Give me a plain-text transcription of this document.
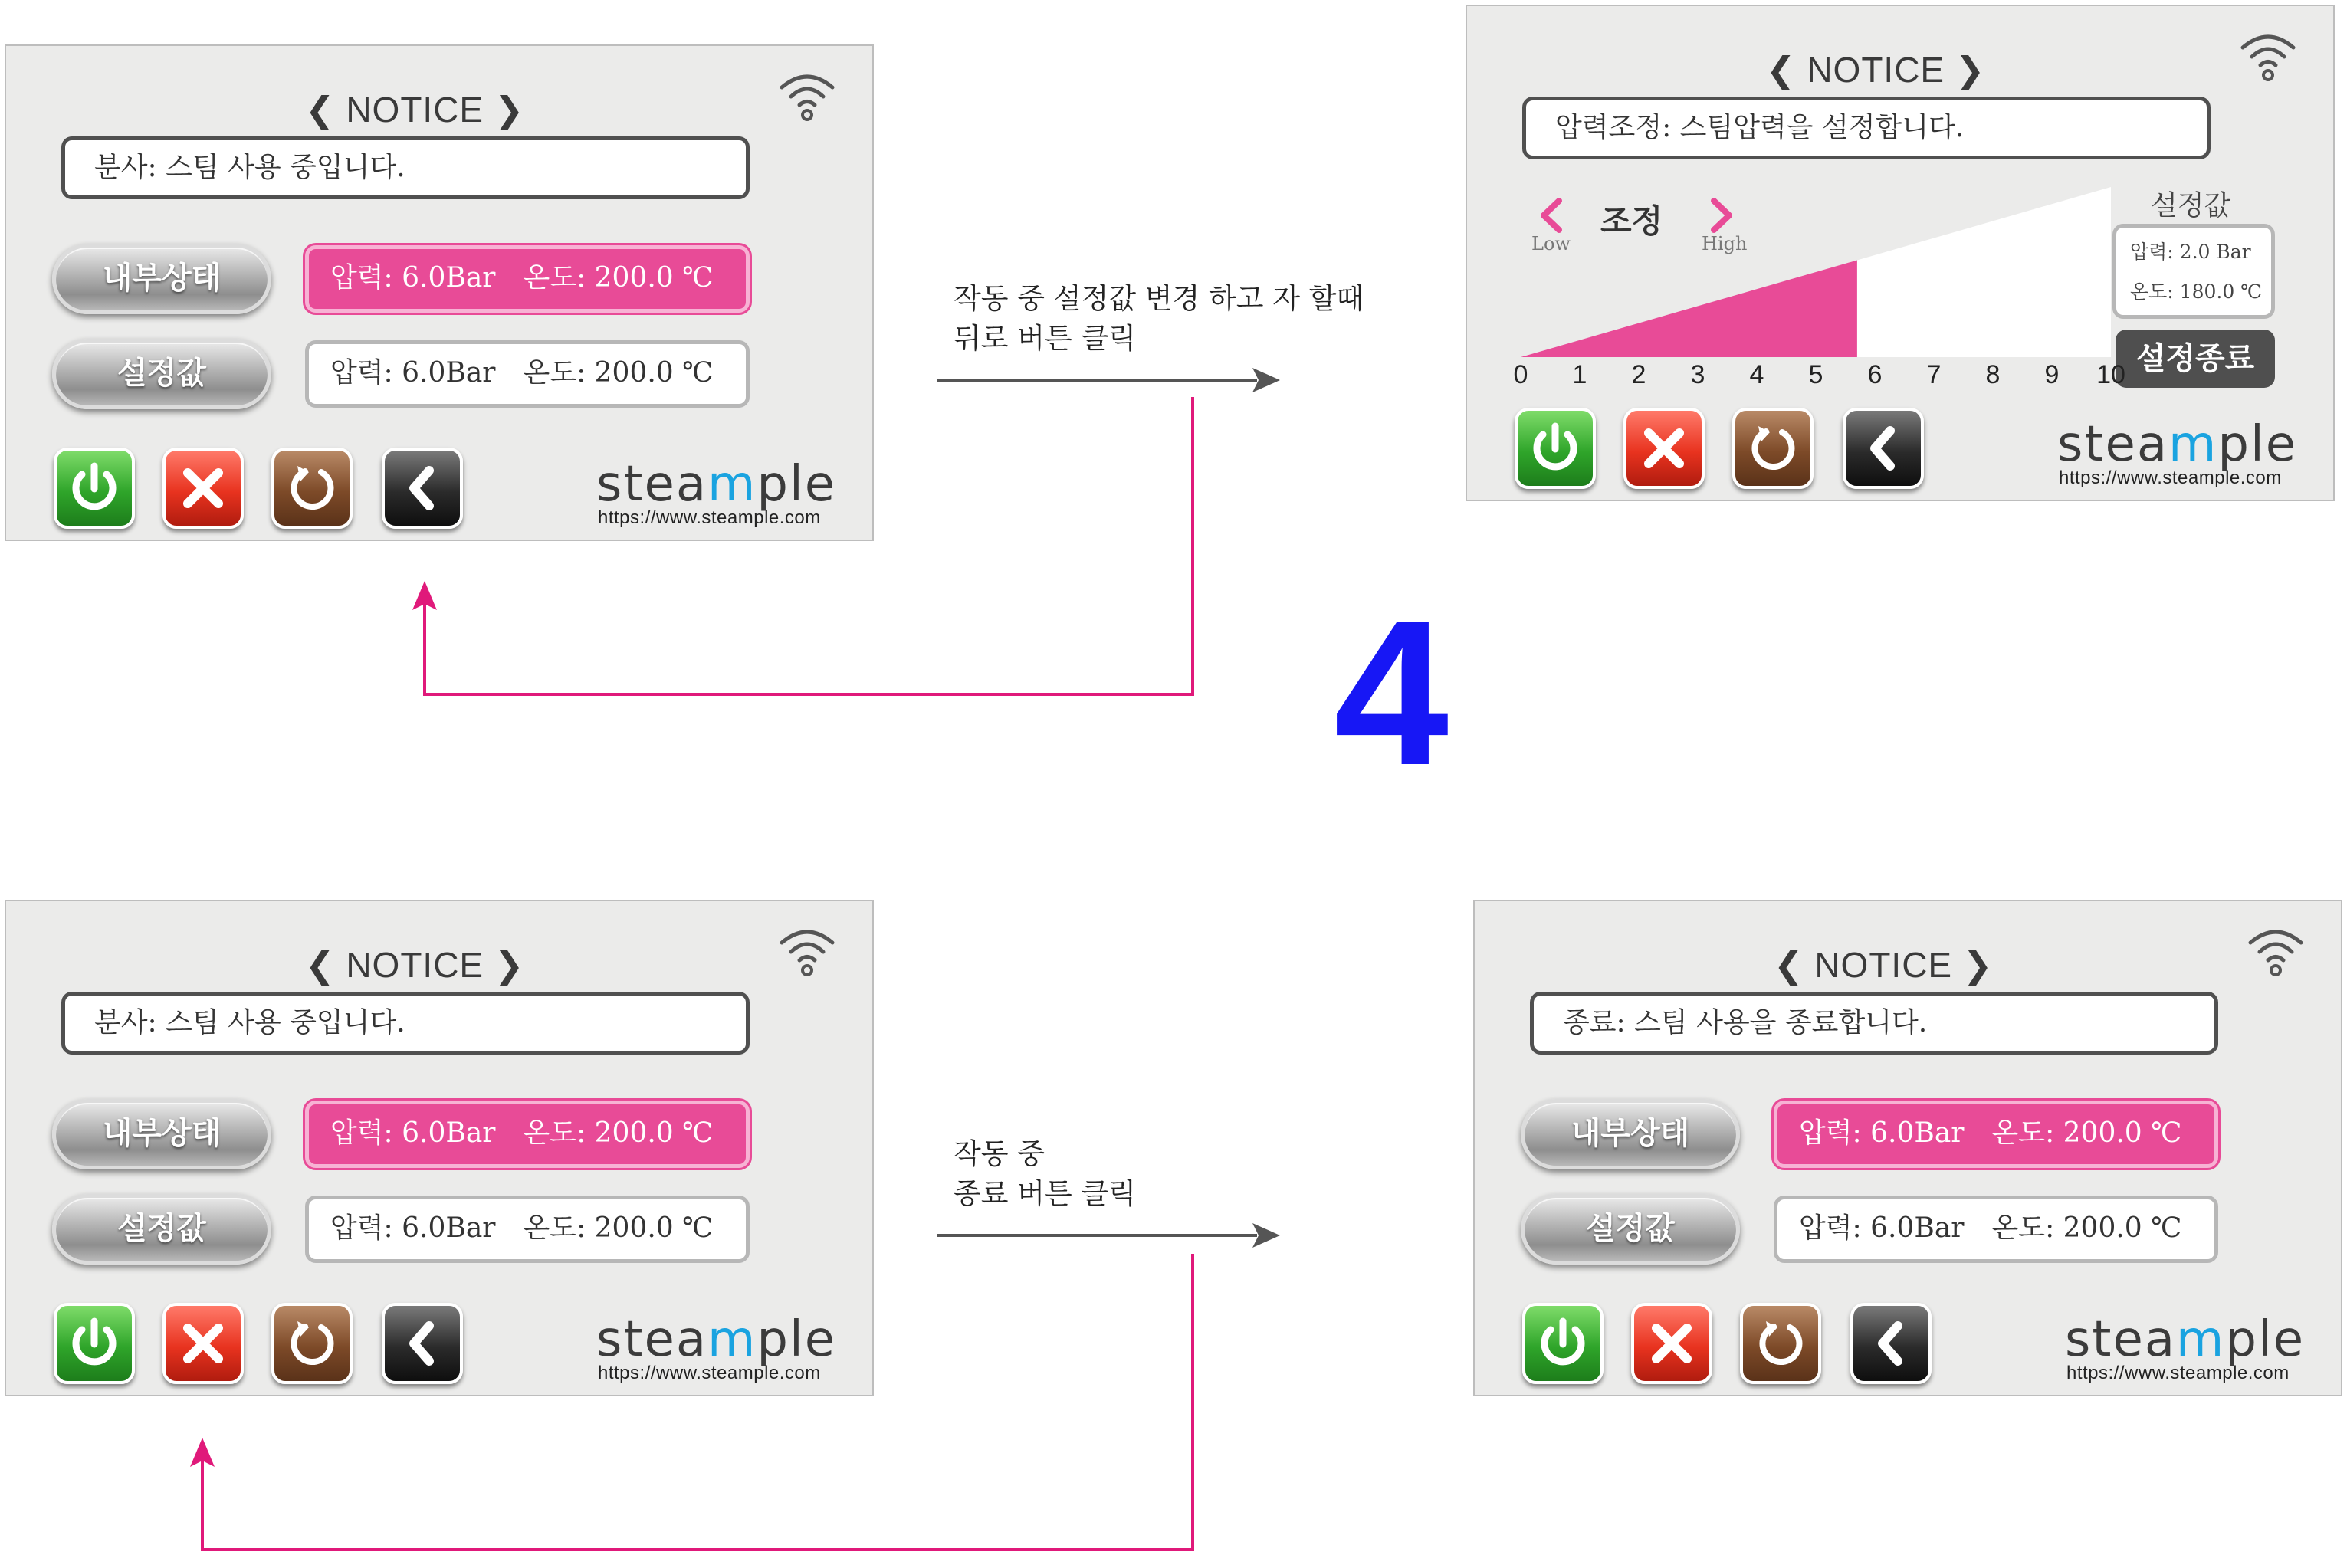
❮ NOTICE ❯
분사: 스팀 사용 중입니다.
내부상태	압력: 6.0Bar 온도: 200.0 ℃
설정값	압력: 6.0Bar 온도: 200.0 ℃
steample
https://www.steample.com
❮ NOTICE ❯
압력조정: 스팀압력을 설정합니다.
Low
조정
High
설정값
압력: 2.0 Bar
온도: 180.0 ℃
설정종료
steample
https://www.steample.com
0	1	2	3	4	5	6	7	8	9	10
❮ NOTICE ❯
분사: 스팀 사용 중입니다.
내부상태	압력: 6.0Bar 온도: 200.0 ℃
설정값	압력: 6.0Bar 온도: 200.0 ℃
steample
https://www.steample.com
❮ NOTICE ❯
종료: 스팀 사용을 종료합니다.
내부상태	압력: 6.0Bar 온도: 200.0 ℃
설정값	압력: 6.0Bar 온도: 200.0 ℃
steample
https://www.steample.com
작동 중 설정값 변경 하고 자 할때
뒤로 버튼 클릭
작동 중
종료 버튼 클릭
4
